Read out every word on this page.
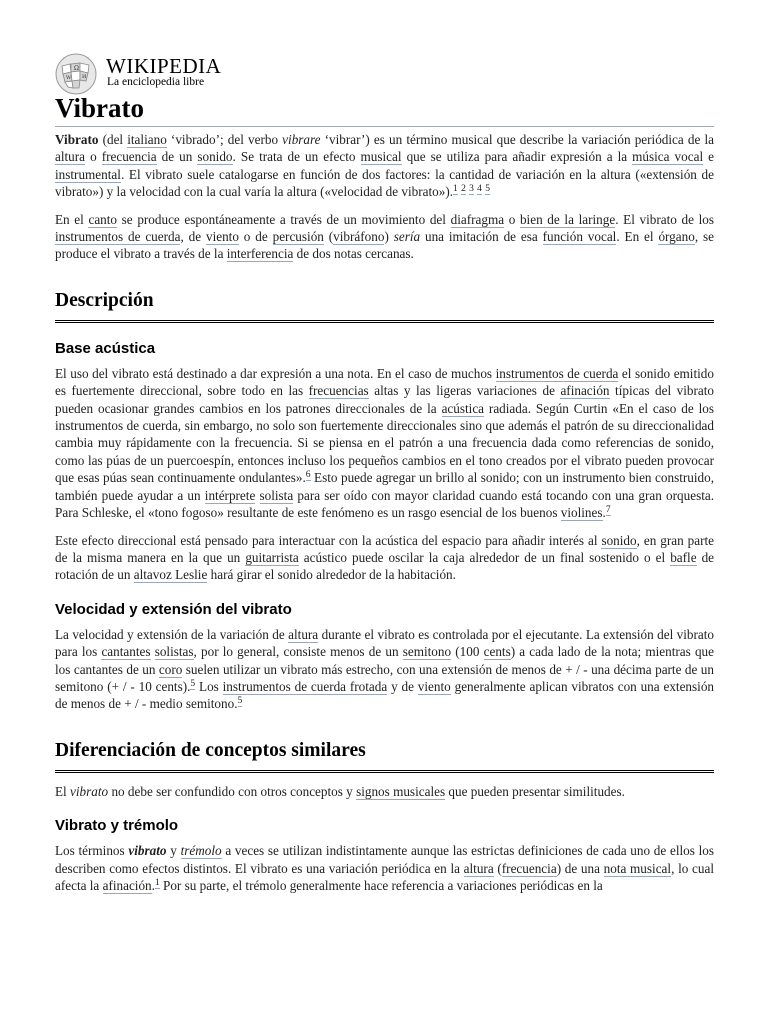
Ω
W И WIKIPEDIA
La enciclopedia libre
Vibrato

Vibrato (del italiano ‘vibrado’; del verbo vibrare ‘vibrar’) es un término musical que describe la variación periódica de la altura o frecuencia de un sonido. Se trata de un efecto musical que se utiliza para añadir expresión a la música vocal e instrumental. El vibrato suele catalogarse en función de dos factores: la cantidad de variación en la altura («extensión de vibrato») y la velocidad con la cual varía la altura («velocidad de vibrato»).$^1$ $^2$ $^3$ $^4$ $^5$

En el canto se produce espontáneamente a través de un movimiento del diafragma o bien de la laringe. El vibrato de los instrumentos de cuerda, de viento o de percusión (vibráfono) sería una imitación de esa función vocal. En el órgano, se produce el vibrato a través de la interferencia de dos notas cercanas.

Descripción
Base acústica

El uso del vibrato está destinado a dar expresión a una nota. En el caso de muchos instrumentos de cuerda el sonido emitido es fuertemente direccional, sobre todo en las frecuencias altas y las ligeras variaciones de afinación típicas del vibrato pueden ocasionar grandes cambios en los patrones direccionales de la acústica radiada. Según Curtin «En el caso de los instrumentos de cuerda, sin embargo, no solo son fuertemente direccionales sino que además el patrón de su direccionalidad cambia muy rápidamente con la frecuencia. Si se piensa en el patrón a una frecuencia dada como referencias de sonido, como las púas de un puercoespín, entonces incluso los pequeños cambios en el tono creados por el vibrato pueden provocar que esas púas sean continuamente ondulantes».$^6$ Esto puede agregar un brillo al sonido; con un instrumento bien construido, también puede ayudar a un intérprete solista para ser oído con mayor claridad cuando está tocando con una gran orquesta. Para Schleske, el «tono fogoso» resultante de este fenómeno es un rasgo esencial de los buenos violines.$^7$

Este efecto direccional está pensado para interactuar con la acústica del espacio para añadir interés al sonido, en gran parte de la misma manera en la que un guitarrista acústico puede oscilar la caja alrededor de un final sostenido o el bafle de rotación de un altavoz Leslie hará girar el sonido alrededor de la habitación.

Velocidad y extensión del vibrato

La velocidad y extensión de la variación de altura durante el vibrato es controlada por el ejecutante. La extensión del vibrato para los cantantes solistas, por lo general, consiste menos de un semitono (100 cents) a cada lado de la nota; mientras que los cantantes de un coro suelen utilizar un vibrato más estrecho, con una extensión de menos de + / - una décima parte de un semitono (+ / - 10 cents).$^5$ Los instrumentos de cuerda frotada y de viento generalmente aplican vibratos con una extensión de menos de + / - medio semitono.$^5$

Diferenciación de conceptos similares

El vibrato no debe ser confundido con otros conceptos y signos musicales que pueden presentar similitudes.

Vibrato y trémolo

Los términos vibrato y trémolo a veces se utilizan indistintamente aunque las estrictas definiciones de cada uno de ellos los describen como efectos distintos. El vibrato es una variación periódica en la altura (frecuencia) de una nota musical, lo cual afecta la afinación.$^1$ Por su parte, el trémolo generalmente hace referencia a variaciones periódicas en la
